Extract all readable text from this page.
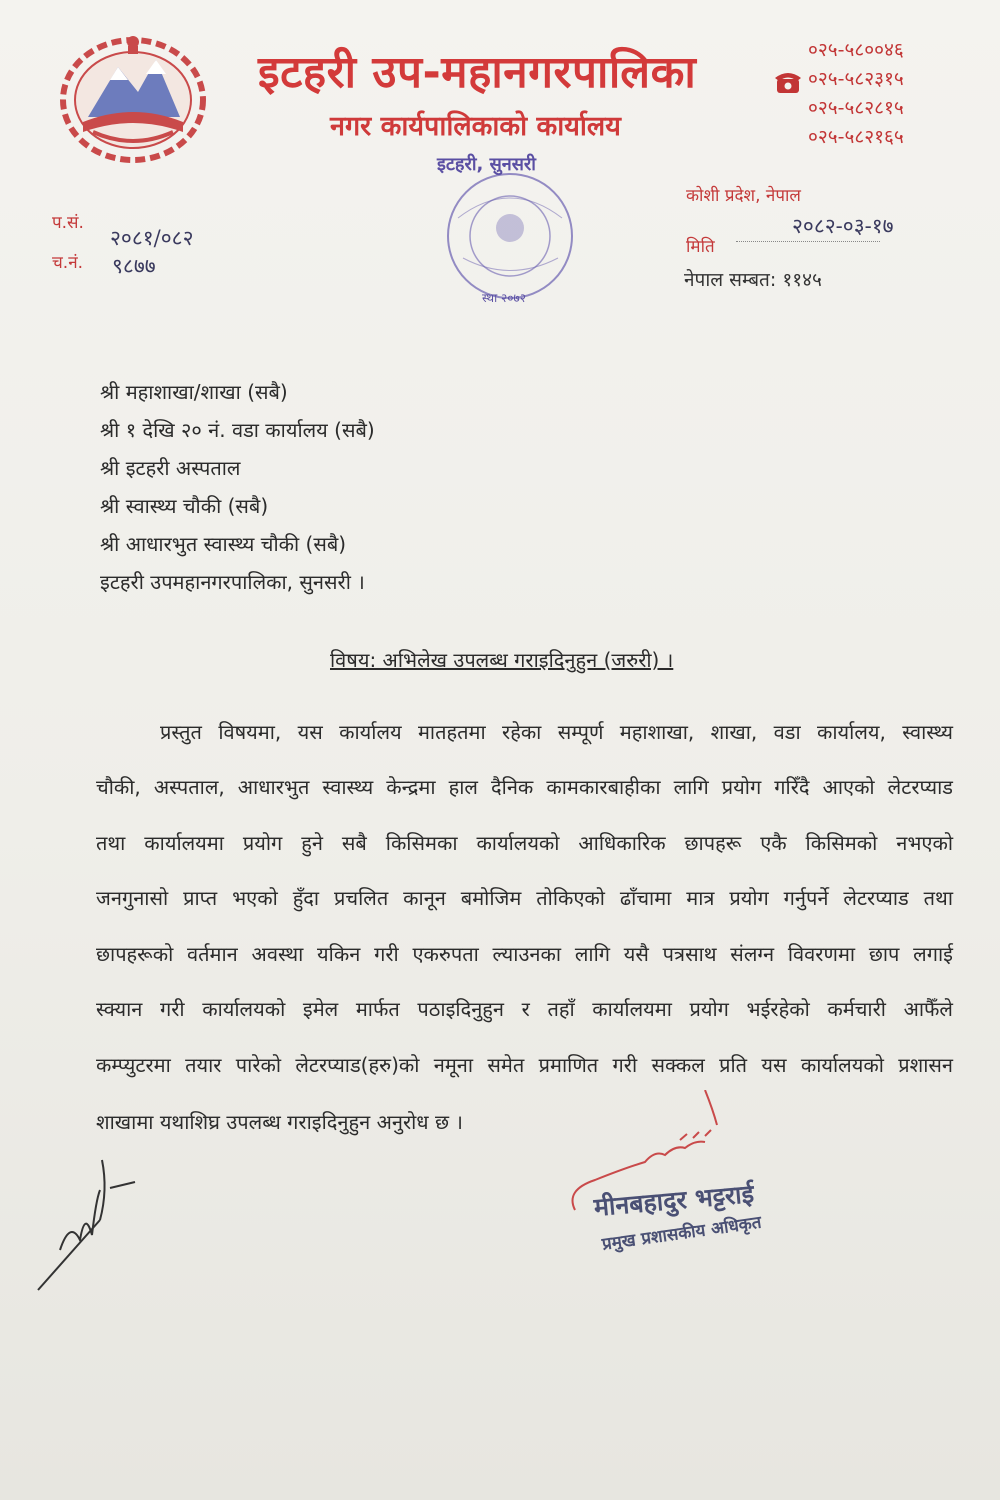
इटहरी उप-महानगरपालिका
नगर कार्यपालिकाको कार्यालय
०२५-५८००४६
०२५-५८२३१५
०२५-५८२८१५
०२५-५८२१६५
इटहरी, सुनसरी
स्था २०७२
प.सं.
२०८१/०८२
च.नं. ९८७७
कोशी प्रदेश, नेपाल
मिति
२०८२-०३-१७
नेपाल सम्बत: ११४५
श्री महाशाखा/शाखा (सबै)
श्री १ देखि २० नं. वडा कार्यालय (सबै)
श्री इटहरी अस्पताल
श्री स्वास्थ्य चौकी (सबै)
श्री आधारभुत स्वास्थ्य चौकी (सबै)
इटहरी उपमहानगरपालिका, सुनसरी ।
विषय: अभिलेख उपलब्ध गराइदिनुहुन (जरुरी) ।
प्रस्तुत विषयमा, यस कार्यालय मातहतमा रहेका सम्पूर्ण महाशाखा, शाखा, वडा कार्यालय, स्वास्थ्य
चौकी, अस्पताल, आधारभुत स्वास्थ्य केन्द्रमा हाल दैनिक कामकारबाहीका लागि प्रयोग गरिँदै आएको लेटरप्याड
तथा कार्यालयमा प्रयोग हुने सबै किसिमका कार्यालयको आधिकारिक छापहरू एकै किसिमको नभएको
जनगुनासो प्राप्त भएको हुँदा प्रचलित कानून बमोजिम तोकिएको ढाँचामा मात्र प्रयोग गर्नुपर्ने लेटरप्याड तथा
छापहरूको वर्तमान अवस्था यकिन गरी एकरुपता ल्याउनका लागि यसै पत्रसाथ संलग्न विवरणमा छाप लगाई
स्क्यान गरी कार्यालयको इमेल मार्फत पठाइदिनुहुन र तहाँ कार्यालयमा प्रयोग भईरहेको कर्मचारी आफैँले
कम्प्युटरमा तयार पारेको लेटरप्याड(हरु)को नमूना समेत प्रमाणित गरी सक्कल प्रति यस कार्यालयको प्रशासन
शाखामा यथाशिघ्र उपलब्ध गराइदिनुहुन अनुरोध छ ।
मीनबहादुर भट्टराई
प्रमुख प्रशासकीय अधिकृत
